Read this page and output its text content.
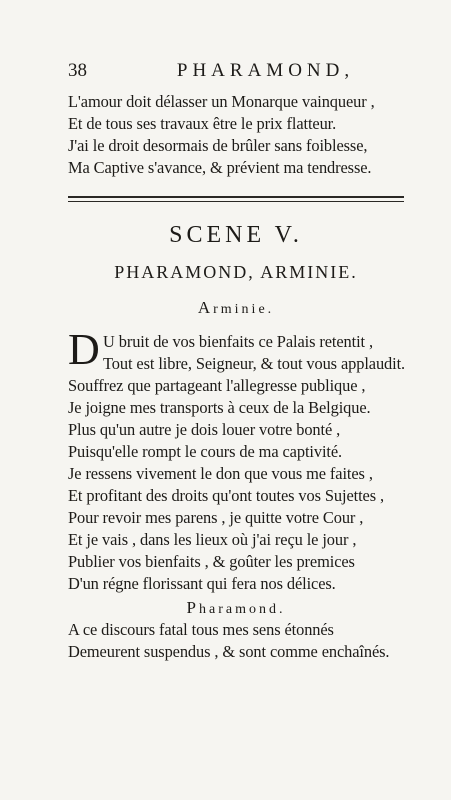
38	PHARAMOND,
L'amour doit délasser un Monarque vainqueur ,
Et de tous ses travaux être le prix flatteur.
J'ai le droit desormais de brûler sans foiblesse,
Ma Captive s'avance, & prévient ma tendresse.
SCENE V.
PHARAMOND, ARMINIE.
Arminie.
D U bruit de vos bienfaits ce Palais retentit ,
Tout est libre, Seigneur, & tout vous applaudit.
Souffrez que partageant l'allegresse publique ,
Je joigne mes transports à ceux de la Belgique.
Plus qu'un autre je dois louer votre bonté ,
Puisqu'elle rompt le cours de ma captivité.
Je ressens vivement le don que vous me faites ,
Et profitant des droits qu'ont toutes vos Sujettes ,
Pour revoir mes parens , je quitte votre Cour ,
Et je vais , dans les lieux où j'ai reçu le jour ,
Publier vos bienfaits , & goûter les premices
D'un régne florissant qui fera nos délices.
Pharamond.
A ce discours fatal tous mes sens étonnés
Demeurent suspendus , & sont comme enchaînés.
